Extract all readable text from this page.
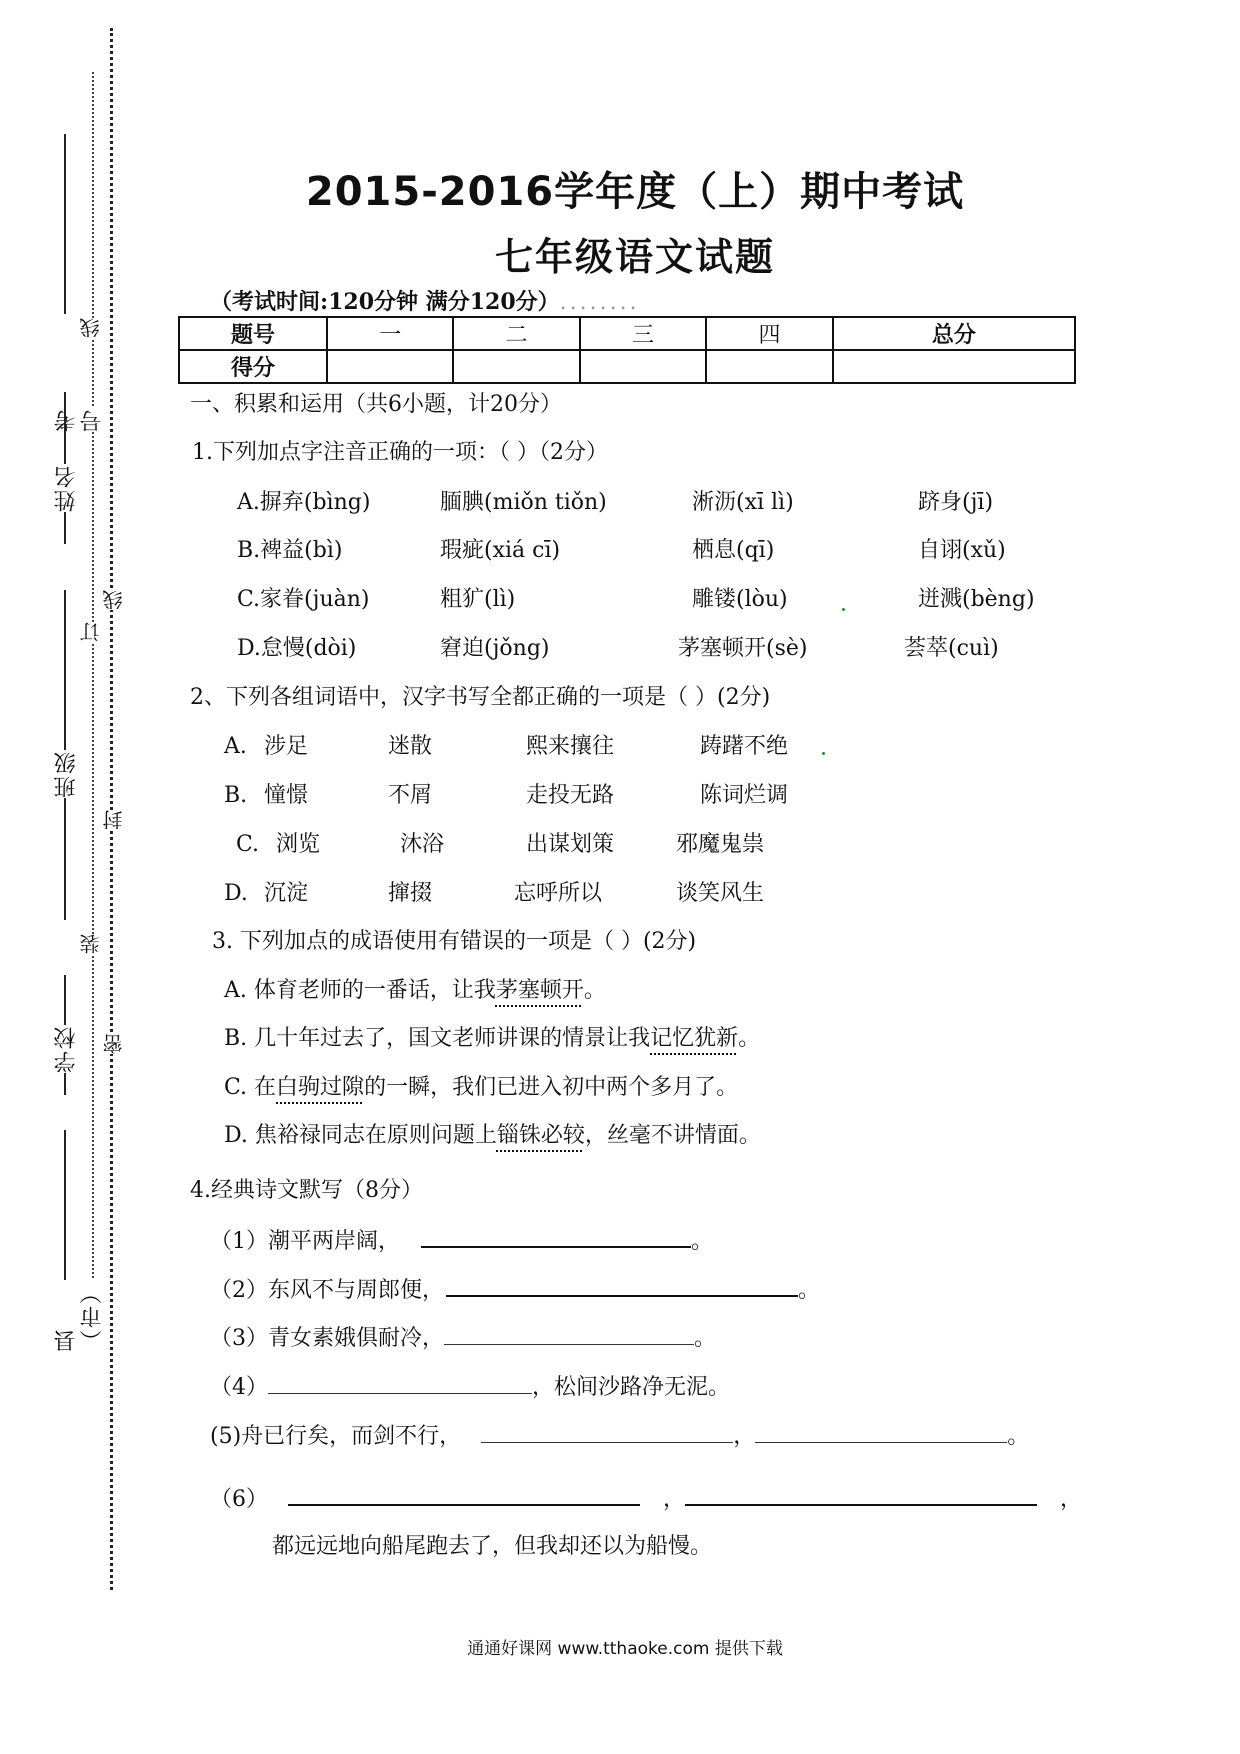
考号
姓名
班级
学校
县（市）
线
订
线
封
装
密
2015-2016学年度（上）期中考试
七年级语文试题
（考试时间:120分钟 满分120分）........
题号	一	二	三	四	总分
得分					
一、积累和运用（共6小题，计20分）
1.下列加点字注音正确的一项：（ ）（2分）
A.摒弃(bìng)	腼腆(miǒn tiǒn)	淅沥(xī lì)	跻身(jī)
B.裨益(bì)	瑕疵(xiá cī)	栖息(qī)	自诩(xǔ)
C.家眷(juàn)	粗犷(lì)	雕镂(lòu)	迸溅(bèng)
D.怠慢(dòi)	窘迫(jǒng)	茅塞顿开(sè)	荟萃(cuì)
2、下列各组词语中，汉字书写全都正确的一项是（ ）(2分)
A. 涉足	迷散	熙来攘往	踌躇不绝
B. 憧憬	不屑	走投无路	陈词烂调
C. 浏览	沐浴	出谋划策	邪魔鬼祟
D. 沉淀	撺掇	忘呼所以	谈笑风生
3. 下列加点的成语使用有错误的一项是（ ）(2分)
A. 体育老师的一番话，让我茅塞顿开。
B. 几十年过去了，国文老师讲课的情景让我记忆犹新。
C. 在白驹过隙的一瞬，我们已进入初中两个多月了。
D. 焦裕禄同志在原则问题上锱铢必较，丝毫不讲情面。
4.经典诗文默写（8分）
（1）潮平两岸阔，	。
（2）东风不与周郎便，	。
（3）青女素娥俱耐冷，	。
（4）	，松间沙路净无泥。
(5)舟已行矣，而剑不行，	，	。
（6）	，	，
都远远地向船尾跑去了，但我却还以为船慢。
通通好课网 www.tthaoke.com 提供下载
